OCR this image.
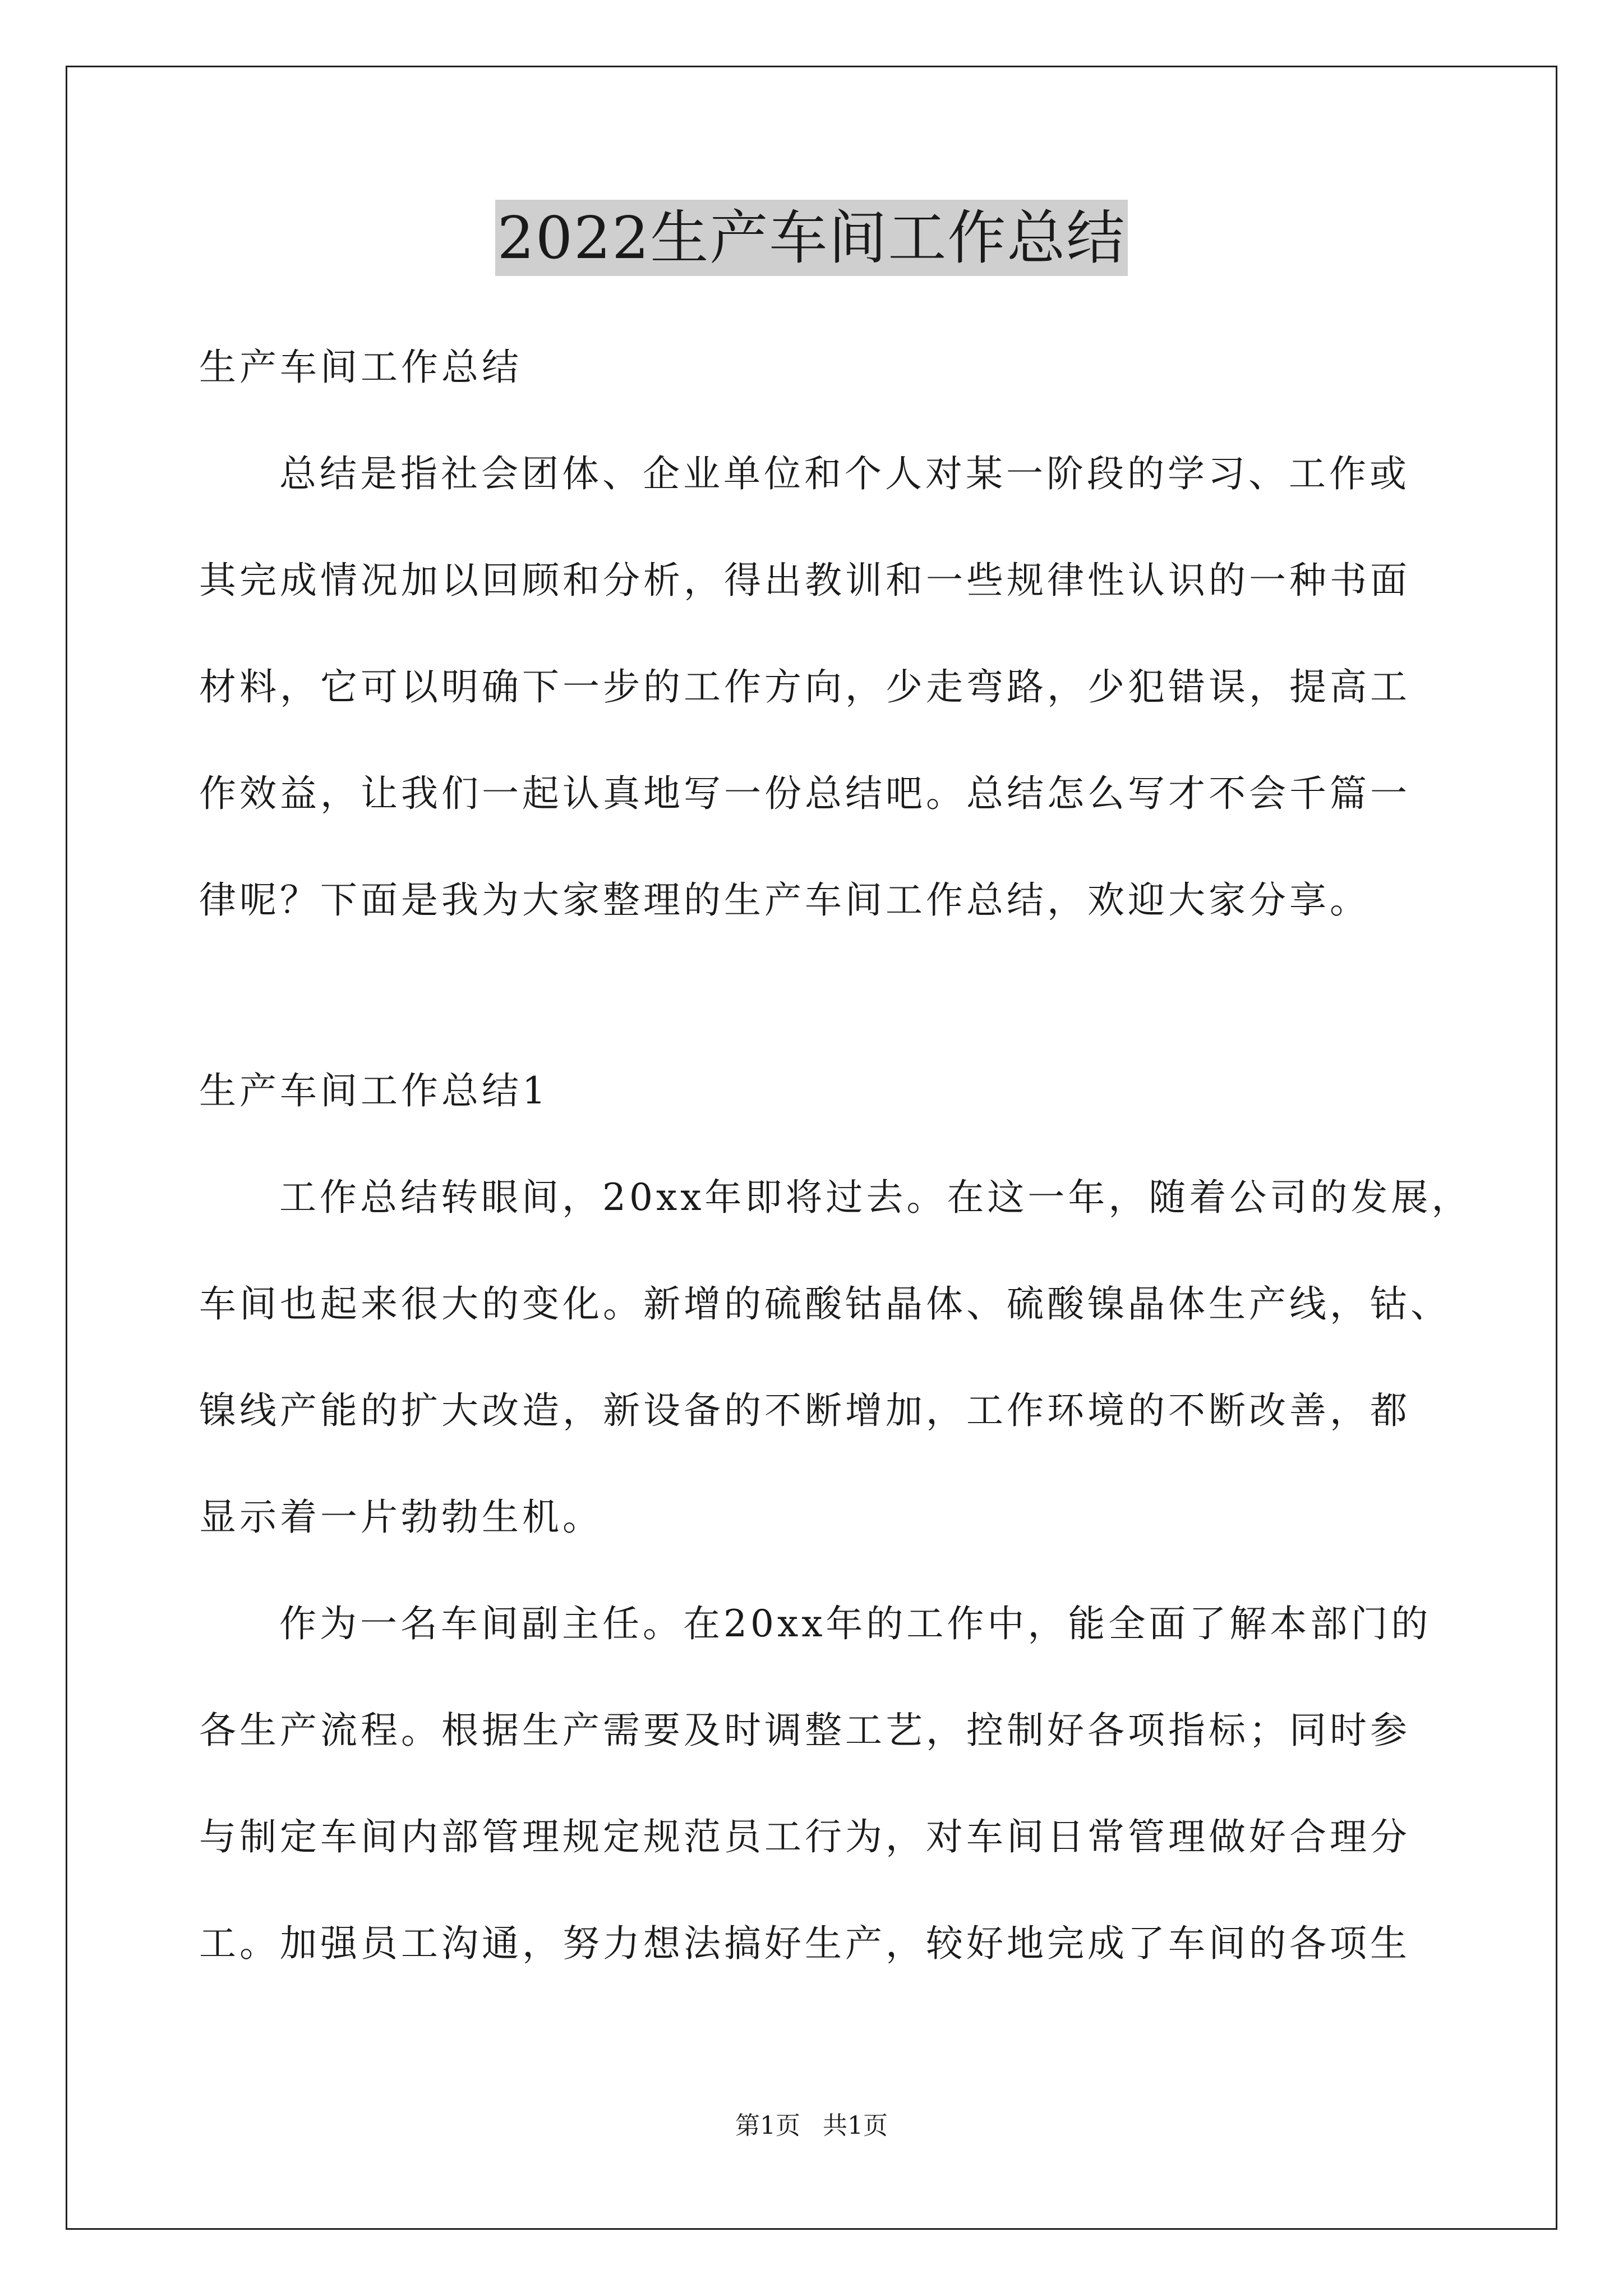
2022生产车间工作总结
生产车间工作总结
总结是指社会团体、企业单位和个人对某一阶段的学习、工作或
其完成情况加以回顾和分析，得出教训和一些规律性认识的一种书面
材料，它可以明确下一步的工作方向，少走弯路，少犯错误，提高工
作效益，让我们一起认真地写一份总结吧。总结怎么写才不会千篇一
律呢？下面是我为大家整理的生产车间工作总结，欢迎大家分享。
生产车间工作总结1
工作总结转眼间，20xx年即将过去。在这一年，随着公司的发展，
车间也起来很大的变化。新增的硫酸钴晶体、硫酸镍晶体生产线，钴、
镍线产能的扩大改造，新设备的不断增加，工作环境的不断改善，都
显示着一片勃勃生机。
作为一名车间副主任。在20xx年的工作中，能全面了解本部门的
各生产流程。根据生产需要及时调整工艺，控制好各项指标；同时参
与制定车间内部管理规定规范员工行为，对车间日常管理做好合理分
工。加强员工沟通，努力想法搞好生产，较好地完成了车间的各项生
第1页 共1页
